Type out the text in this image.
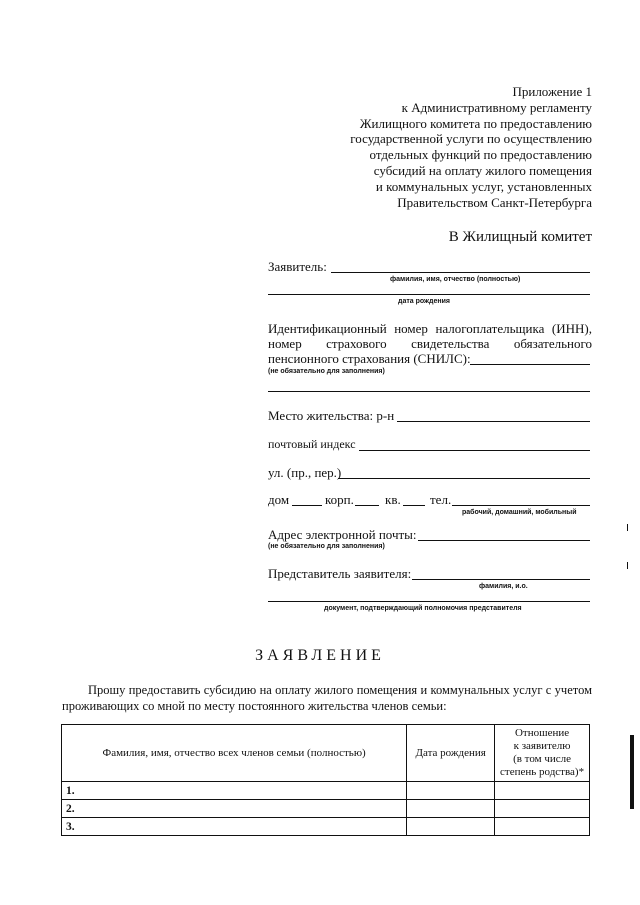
Приложение 1
к Административному регламенту
Жилищного комитета по предоставлению
государственной услуги по осуществлению
отдельных функций по предоставлению
субсидий на оплату жилого помещения
и коммунальных услуг, установленных
Правительством Санкт-Петербурга
В Жилищный комитет
Заявитель:
фамилия, имя, отчество (полностью)
дата рождения
Идентификационный номер налогоплательщика (ИНН), номер страхового свидетельства обязательного пенсионного страхования (СНИЛС):
(не обязательно для заполнения)
Место жительства: р-н
почтовый индекс
ул. (пр., пер.)
дом	корп. кв. тел.
рабочий, домашний, мобильный
Адрес электронной почты:
(не обязательно для заполнения)
Представитель заявителя:
фамилия, и.о.
документ, подтверждающий полномочия представителя
ЗАЯВЛЕНИЕ
Прошу предоставить субсидию на оплату жилого помещения и коммунальных услуг с учетом проживающих со мной по месту постоянного жительства членов семьи:
Фамилия, имя, отчество всех членов семьи (полностью)	Дата рождения	Отношение
к заявителю
(в том числе
степень родства)*

1.		
2.		
3.		
